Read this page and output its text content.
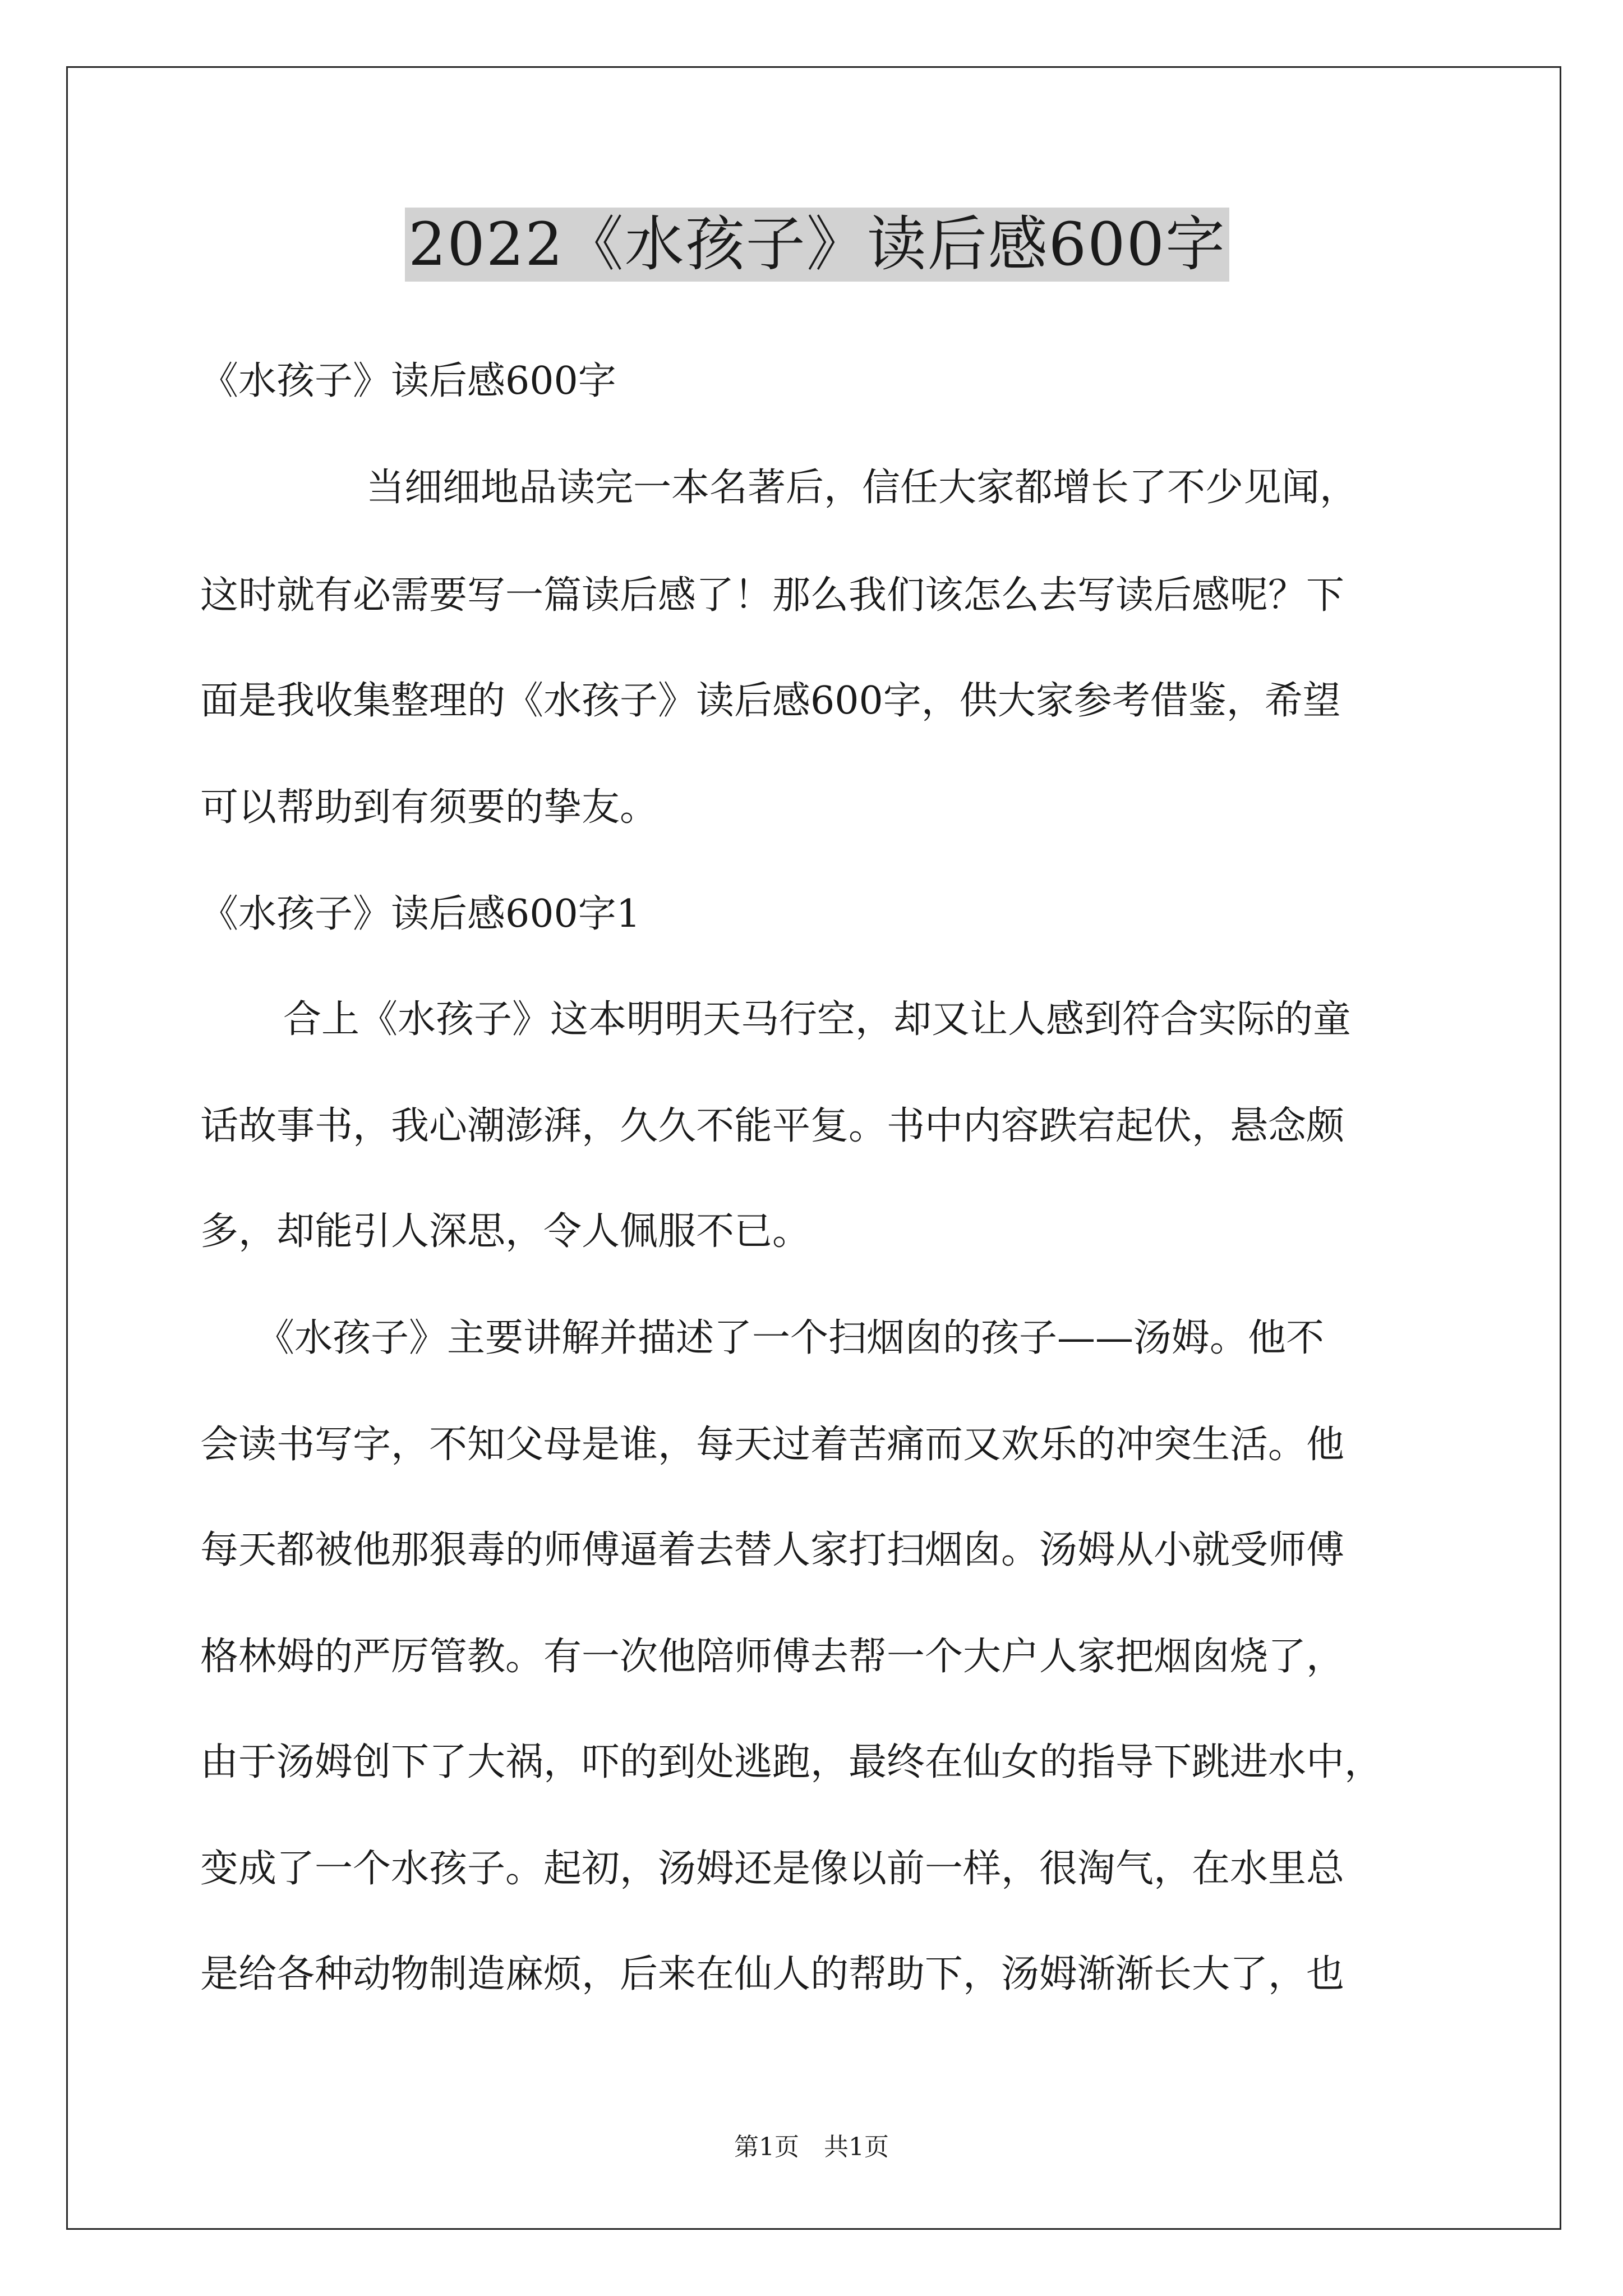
2022《水孩子》读后感600字
《水孩子》读后感600字
当细细地品读完一本名著后，信任大家都增长了不少见闻，
这时就有必需要写一篇读后感了！那么我们该怎么去写读后感呢？下
面是我收集整理的《水孩子》读后感600字，供大家参考借鉴，希望
可以帮助到有须要的挚友。
《水孩子》读后感600字1
合上《水孩子》这本明明天马行空，却又让人感到符合实际的童
话故事书，我心潮澎湃，久久不能平复。书中内容跌宕起伏，悬念颇
多，却能引人深思，令人佩服不已。
《水孩子》主要讲解并描述了一个扫烟囱的孩子——汤姆。他不
会读书写字，不知父母是谁，每天过着苦痛而又欢乐的冲突生活。他
每天都被他那狠毒的师傅逼着去替人家打扫烟囱。汤姆从小就受师傅
格林姆的严厉管教。有一次他陪师傅去帮一个大户人家把烟囱烧了，
由于汤姆创下了大祸，吓的到处逃跑，最终在仙女的指导下跳进水中，
变成了一个水孩子。起初，汤姆还是像以前一样，很淘气，在水里总
是给各种动物制造麻烦，后来在仙人的帮助下，汤姆渐渐长大了，也
第1页　共1页
